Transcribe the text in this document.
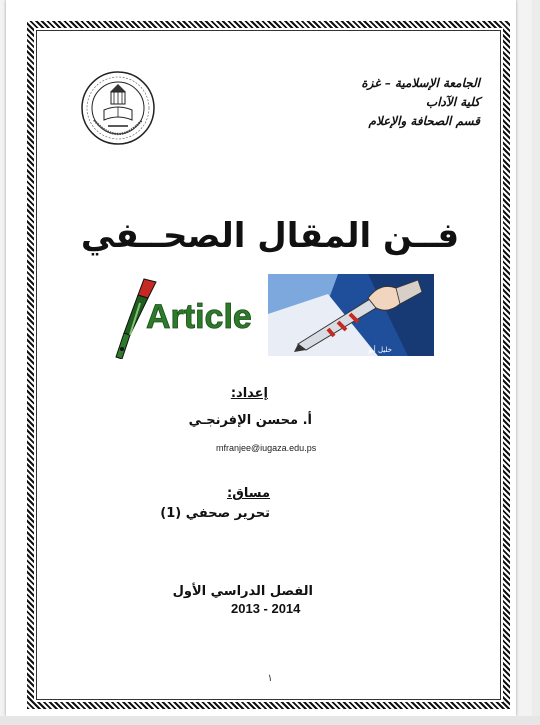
الجامعة الإسلامية – غزة
كلية الآداب
قسم الصحافة والإعلام
فــن المقال الصحــفي
Article
خليل أبو
إعداد:
أ. محسن الإفرنجـي
mfranjee@iugaza.edu.ps
مساق:
تحرير صحفي (1)
الفصل الدراسي الأول
2013 - 2014
١
